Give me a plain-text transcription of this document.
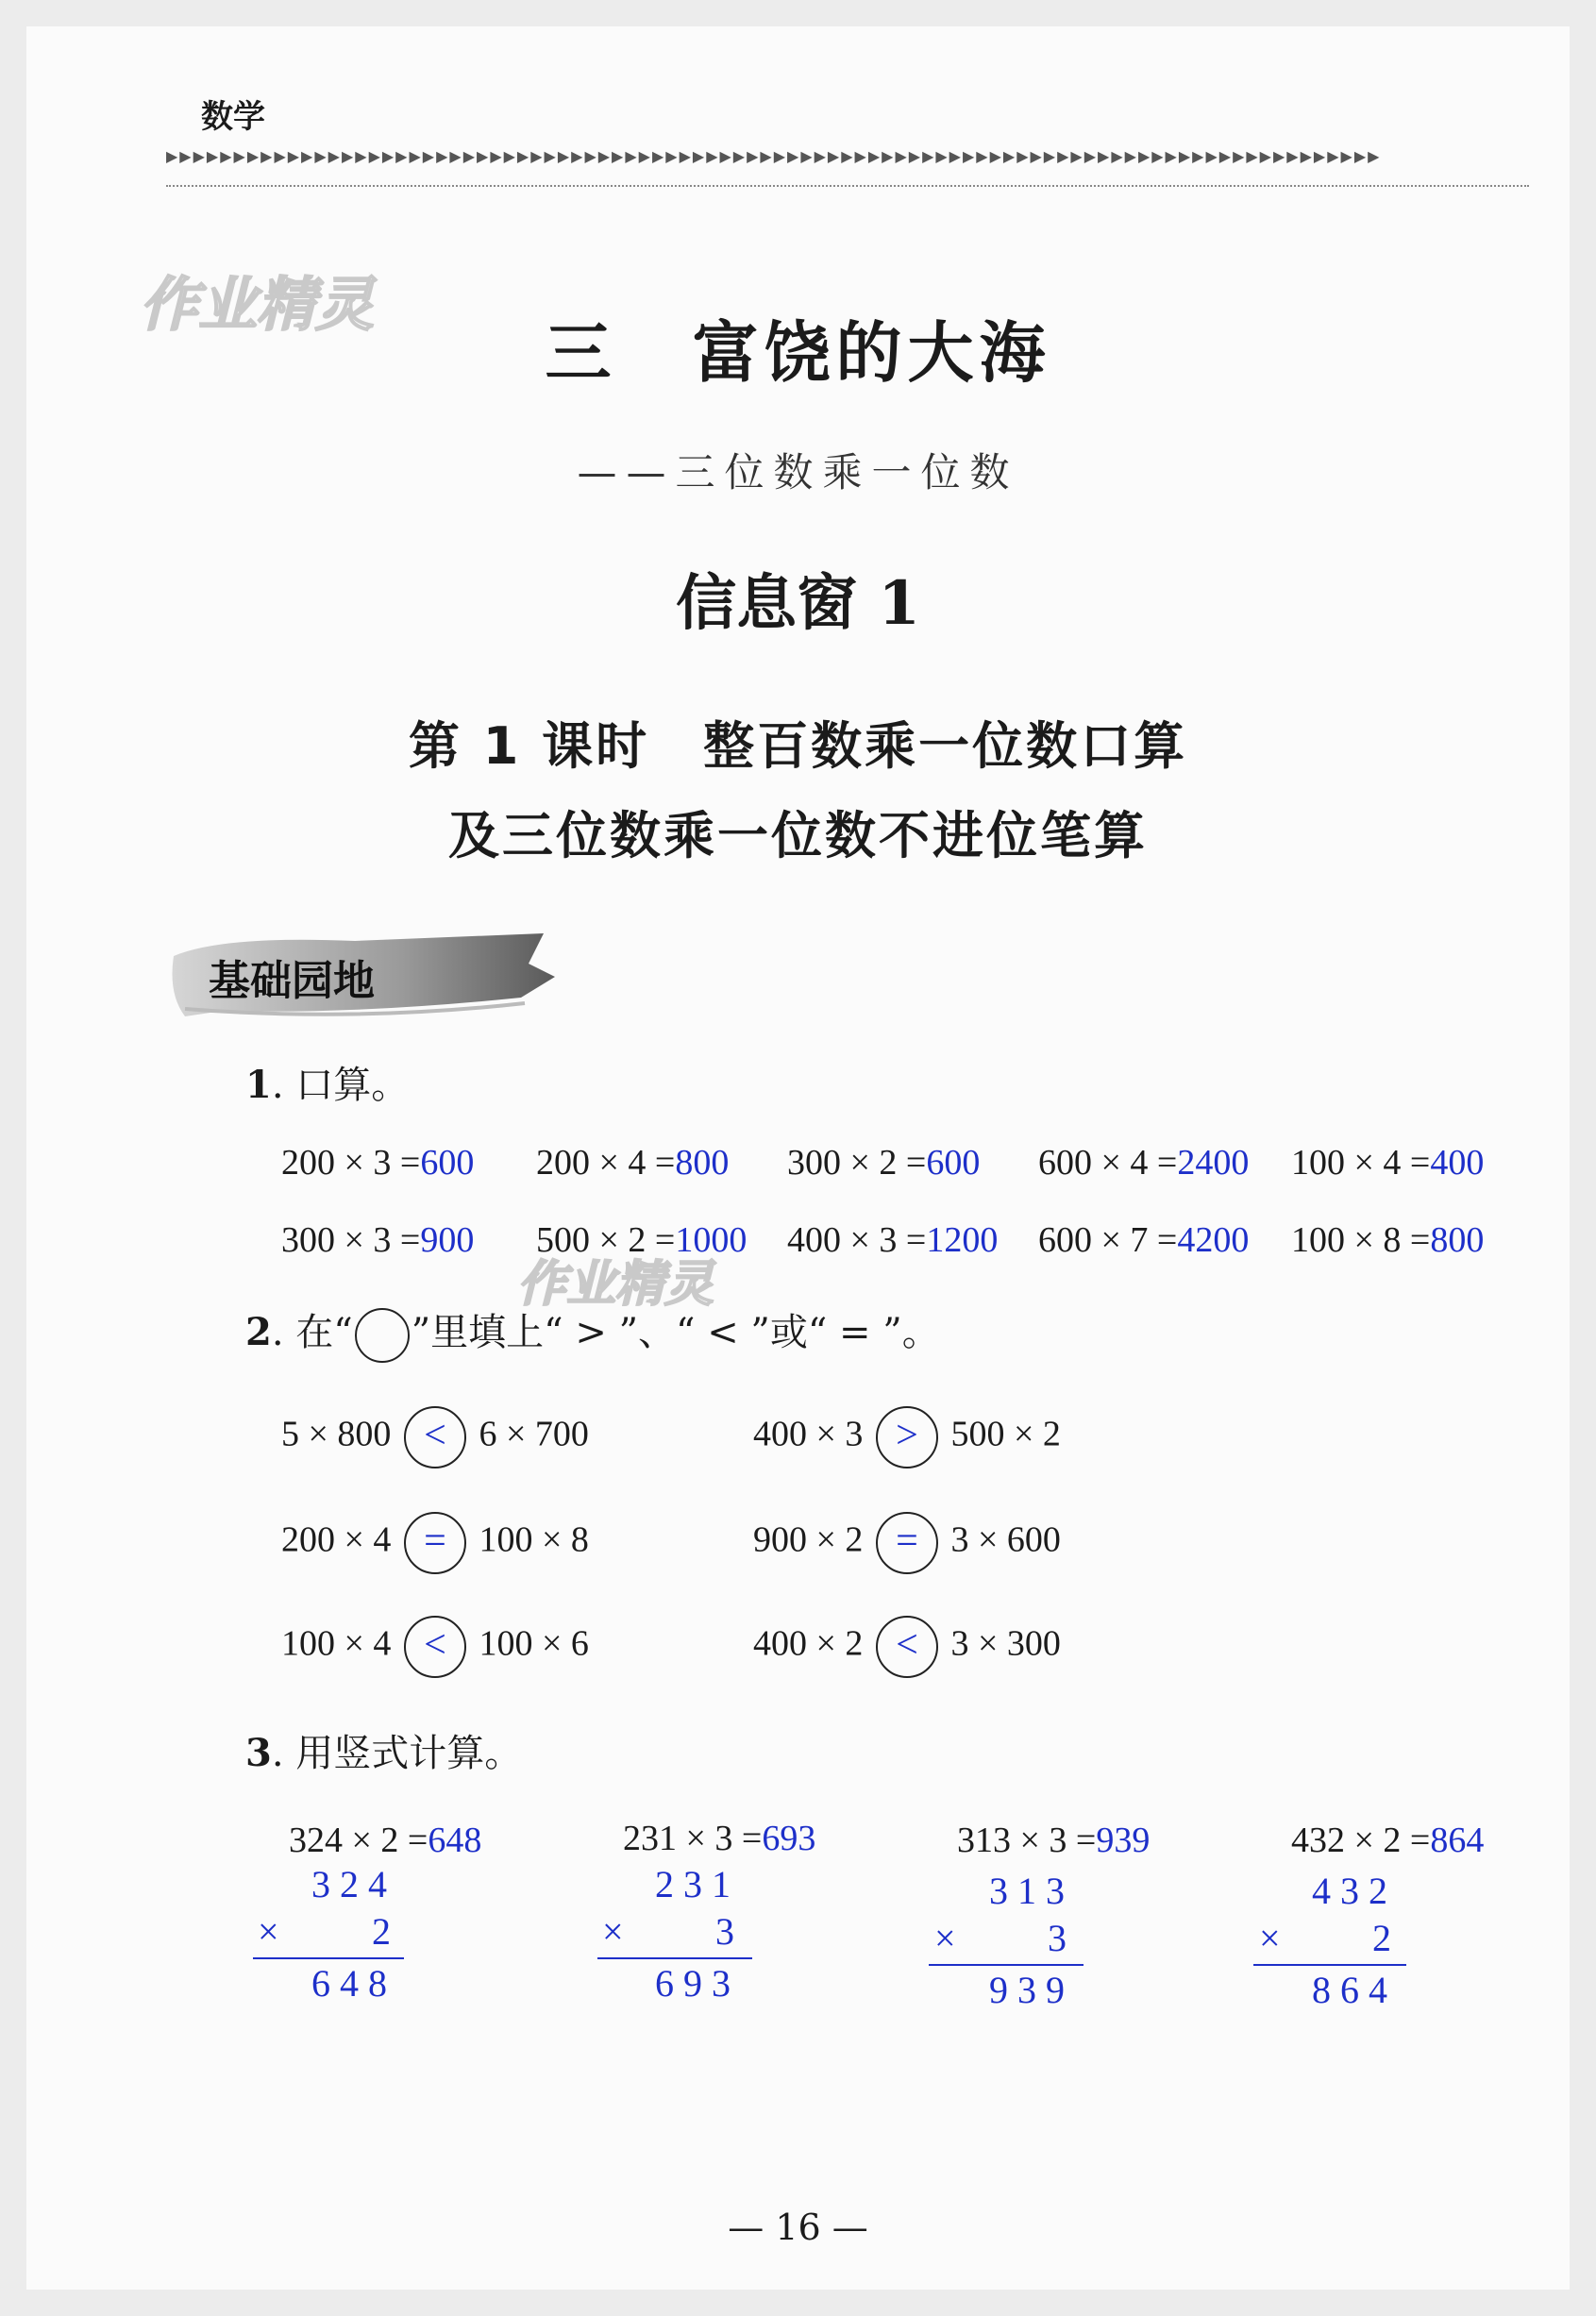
数学
▶▶▶▶▶▶▶▶▶▶▶▶▶▶▶▶▶▶▶▶▶▶▶▶▶▶▶▶▶▶▶▶▶▶▶▶▶▶▶▶▶▶▶▶▶▶▶▶▶▶▶▶▶▶▶▶▶▶▶▶▶▶▶▶▶▶▶▶▶▶▶▶▶▶▶▶▶▶▶▶▶▶▶▶▶▶▶▶▶▶
作业精灵
三 富饶的大海
——三位数乘一位数
信息窗 1
第 1 课时　整百数乘一位数口算
及三位数乘一位数不进位笔算
基础园地
1. 口算。
200 × 3 =600 200 × 4 =800 300 × 2 =600 600 × 4 =2400 100 × 4 =400
300 × 3 =900 500 × 2 =1000 400 × 3 =1200 600 × 7 =4200 100 × 8 =800
作业精灵
2. 在“ ”里填上“ > ”、“ < ”或“ = ”。
5 × 800 < 6 × 700	400 × 3 > 500 × 2
200 × 4 = 100 × 8	900 × 2 = 3 × 600
100 × 4 < 100 × 6	400 × 2 < 3 × 300
3. 用竖式计算。
324 × 2 =648	231 × 3 =693	313 × 3 =939	432 × 2 =864
324
× 2
648
231
× 3
693
313
× 3
939
432
× 2
864
— 16 —
